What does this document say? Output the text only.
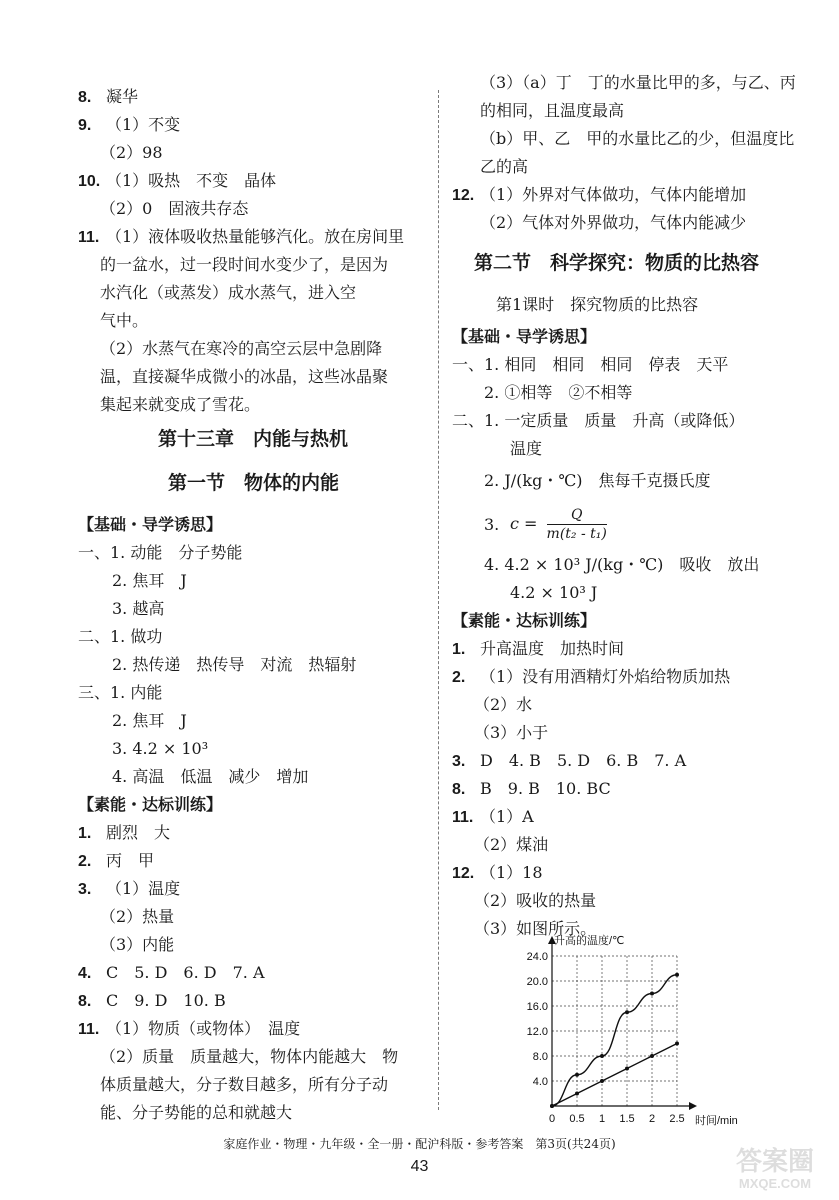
8. 凝华
9. （1）不变
（2）98
10. （1）吸热　不变　晶体
（2）0　固液共存态
11. （1）液体吸收热量能够汽化。放在房间里
的一盆水，过一段时间水变少了，是因为
水汽化（或蒸发）成水蒸气，进入空
气中。
（2）水蒸气在寒冷的高空云层中急剧降
温，直接凝华成微小的冰晶，这些冰晶聚
集起来就变成了雪花。
第十三章　内能与热机
第一节　物体的内能
【基础・导学诱思】
一、1. 动能　分子势能
2. 焦耳　J
3. 越高
二、1. 做功
2. 热传递　热传导　对流　热辐射
三、1. 内能
2. 焦耳　J
3. 4.2 × 10³
4. 高温　低温　减少　增加
【素能・达标训练】
1. 剧烈　大
2. 丙　甲
3. （1）温度
（2）热量
（3）内能
4. C　5. D　6. D　7. A
8. C　9. D　10. B
11. （1）物质（或物体）　温度
（2）质量　质量越大，物体内能越大　物
体质量越大，分子数目越多，所有分子动
能、分子势能的总和就越大
$c = \frac{Q}{\text{m(t₂ - t₁)}}$
4.0
8.0
12.0
16.0
20.0
24.0
0 0.5 1 1.5 2 2.5
升高的温度/℃
时间/min
（3）（a）丁　丁的水量比甲的多，与乙、丙
的相同，且温度最高
（b）甲、乙　甲的水量比乙的少，但温度比
乙的高
12. （1）外界对气体做功，气体内能增加
（2）气体对外界做功，气体内能减少
第二节　科学探究：物质的比热容
第1课时　探究物质的比热容
【基础・导学诱思】
一、1. 相同　相同　相同　停表　天平
2. ①相等　②不相等
二、1. 一定质量　质量　升高（或降低）
温度
2. J/(kg・℃)　焦每千克摄氏度
3.
4. 4.2 × 10³ J/(kg・℃)　吸收　放出
4.2 × 10³ J
【素能・达标训练】
1. 升高温度　加热时间
2. （1）没有用酒精灯外焰给物质加热
（2）水
（3）小于
3. D　4. B　5. D　6. B　7. A
8. B　9. B　10. BC
11. （1）A
（2）煤油
12. （1）18
（2）吸收的热量
（3）如图所示。
家庭作业・物理・九年级・全一册・配沪科版・参考答案　第3页(共24页)
43	答案圈
MXQE.COM
